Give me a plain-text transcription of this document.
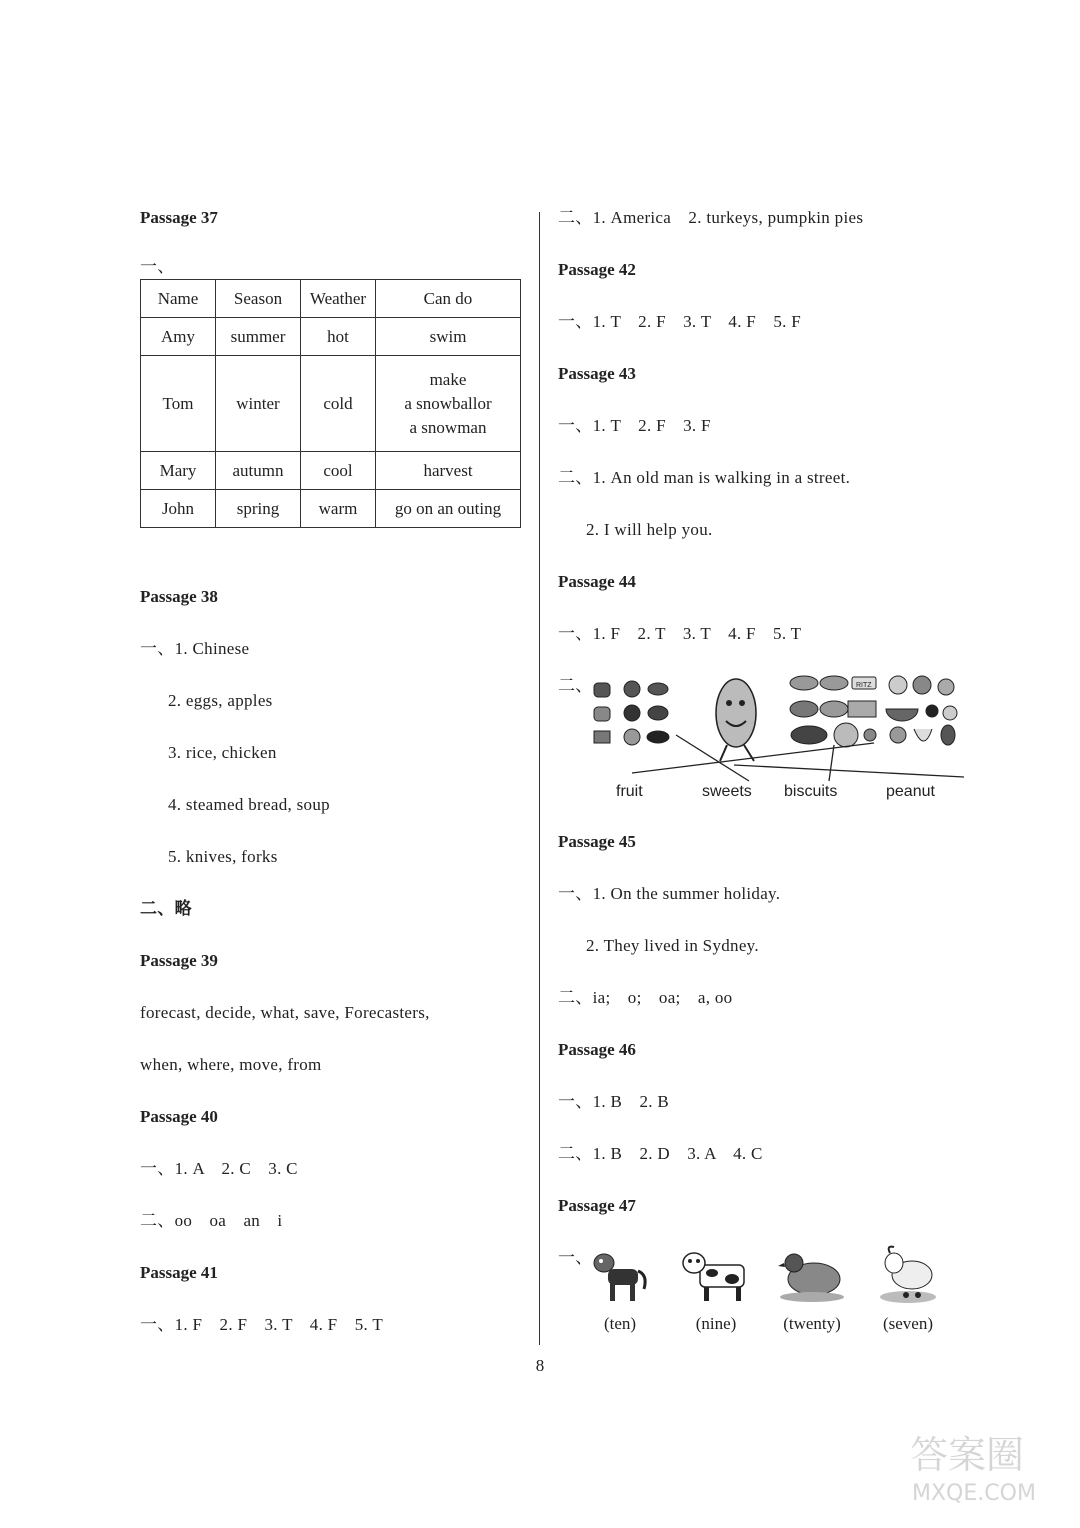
Passage 37

一、

Name	Season	Weather	Can do
Amy	summer	hot	swim
Tom	winter	cold	make
a snowballor
a snowman

Mary	autumn	cool	harvest
John	spring	warm	go on an outing

Passage 38

一、1. Chinese

2. eggs, apples

3. rice, chicken

4. steamed bread, soup

5. knives, forks

二、略

Passage 39

forecast, decide, what, save, Forecasters,

when, where, move, from

Passage 40

一、1. A　2. C　3. C

二、oo　oa　an　i

Passage 41

一、1. F　2. F　3. T　4. F　5. T

二、1. America　2. turkeys, pumpkin pies

Passage 42

一、1. T　2. F　3. T　4. F　5. F

Passage 43

一、1. T　2. F　3. F

二、1. An old man is walking in a street.

2. I will help you.

Passage 44

一、1. F　2. T　3. T　4. F　5. T

二、	RITZ
fruit	sweets biscuits	peanut

Passage 45

一、1. On the summer holiday.

2. They lived in Sydney.

二、ia;　o;　oa;　a, oo

Passage 46

一、1. B　2. B

二、1. B　2. D　3. A　4. C

Passage 47

一、
(ten)	(nine)	(twenty)	(seven)
8
答案圈
MXQE.COM
